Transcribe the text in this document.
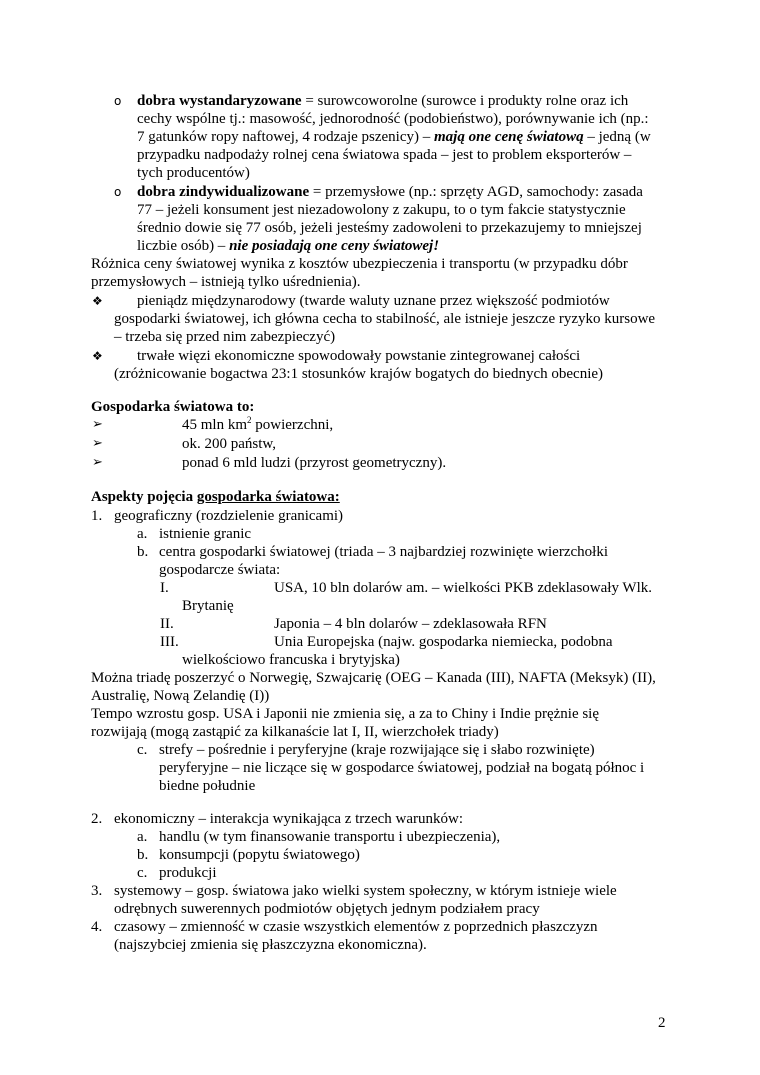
o dobra wystandaryzowane = surowcoworolne (surowce i produkty rolne oraz ich
cechy wspólne tj.: masowość, jednorodność (podobieństwo), porównywanie ich (np.:
7 gatunków ropy naftowej, 4 rodzaje pszenicy) – mają one cenę światową – jedną (w
przypadku nadpodaży rolnej cena światowa spada – jest to problem eksporterów –
tych producentów)
o dobra zindywidualizowane = przemysłowe (np.: sprzęty AGD, samochody: zasada
77 – jeżeli konsument jest niezadowolony z zakupu, to o tym fakcie statystycznie
średnio dowie się 77 osób, jeżeli jesteśmy zadowoleni to przekazujemy to mniejszej
liczbie osób) – nie posiadają one ceny światowej!
Różnica ceny światowej wynika z kosztów ubezpieczenia i transportu (w przypadku dóbr
przemysłowych – istnieją tylko uśrednienia).
❖ pieniądz międzynarodowy (twarde waluty uznane przez większość podmiotów
gospodarki światowej, ich główna cecha to stabilność, ale istnieje jeszcze ryzyko kursowe
– trzeba się przed nim zabezpieczyć)
❖ trwałe więzi ekonomiczne spowodowały powstanie zintegrowanej całości
(zróżnicowanie bogactwa 23:1 stosunków krajów bogatych do biednych obecnie)
Gospodarka światowa to:
➢	45 mln $km^2$ powierzchni,
➢	ok. 200 państw,
➢	ponad 6 mld ludzi (przyrost geometryczny).
Aspekty pojęcia gospodarka światowa:
1. geograficzny (rozdzielenie granicami)
a. istnienie granic
b. centra gospodarki światowej (triada – 3 najbardziej rozwinięte wierzchołki
gospodarcze świata:
I.	USA, 10 bln dolarów am. – wielkości PKB zdeklasowały Wlk.
Brytanię
II.	Japonia – 4 bln dolarów – zdeklasowała RFN
III.	Unia Europejska (najw. gospodarka niemiecka, podobna
wielkościowo francuska i brytyjska)
Można triadę poszerzyć o Norwegię, Szwajcarię (OEG – Kanada (III), NAFTA (Meksyk) (II),
Australię, Nową Zelandię (I))
Tempo wzrostu gosp. USA i Japonii nie zmienia się, a za to Chiny i Indie prężnie się
rozwijają (mogą zastąpić za kilkanaście lat I, II, wierzchołek triady)
c. strefy – pośrednie i peryferyjne (kraje rozwijające się i słabo rozwinięte)
peryferyjne – nie liczące się w gospodarce światowej, podział na bogatą północ i
biedne południe
2. ekonomiczny – interakcja wynikająca z trzech warunków:
a. handlu (w tym finansowanie transportu i ubezpieczenia),
b. konsumpcji (popytu światowego)
c. produkcji
3. systemowy – gosp. światowa jako wielki system społeczny, w którym istnieje wiele
odrębnych suwerennych podmiotów objętych jednym podziałem pracy
4. czasowy – zmienność w czasie wszystkich elementów z poprzednich płaszczyzn
(najszybciej zmienia się płaszczyzna ekonomiczna).
2
